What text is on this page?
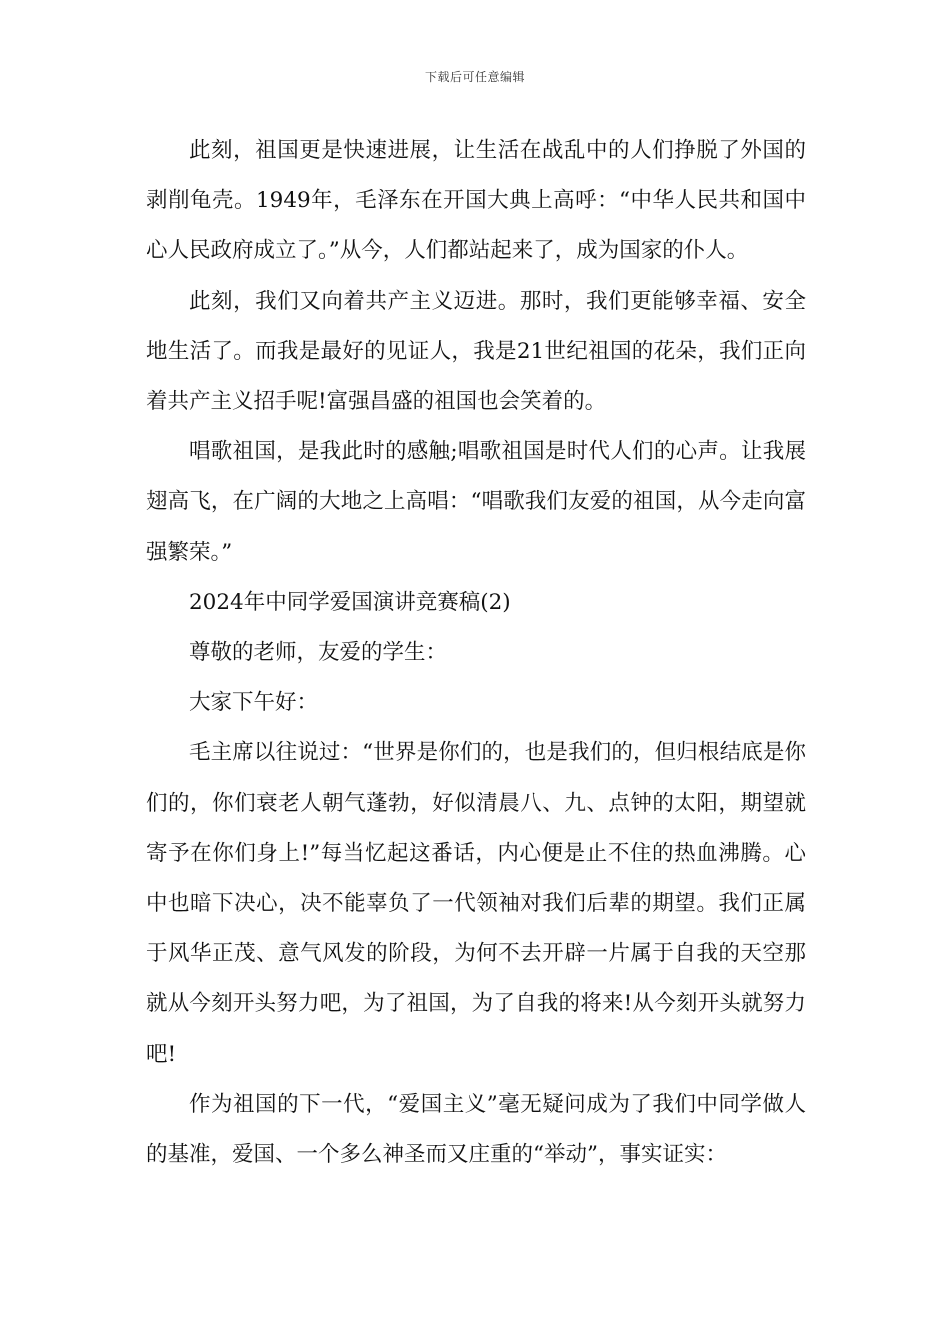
下载后可任意编辑

此刻，祖国更是快速进展，让生活在战乱中的人们挣脱了外国的剥削龟壳。1949年，毛泽东在开国大典上高呼：“中华人民共和国中心人民政府成立了。”从今，人们都站起来了，成为国家的仆人。

此刻，我们又向着共产主义迈进。那时，我们更能够幸福、安全地生活了。而我是最好的见证人，我是21世纪祖国的花朵，我们正向着共产主义招手呢!富强昌盛的祖国也会笑着的。

唱歌祖国，是我此时的感触;唱歌祖国是时代人们的心声。让我展翅高飞，在广阔的大地之上高唱：“唱歌我们友爱的祖国，从今走向富强繁荣。”

2024年中同学爱国演讲竞赛稿(2)

尊敬的老师，友爱的学生：

大家下午好：

毛主席以往说过：“世界是你们的，也是我们的，但归根结底是你们的，你们衰老人朝气蓬勃，好似清晨八、九、点钟的太阳，期望就寄予在你们身上!”每当忆起这番话，内心便是止不住的热血沸腾。心中也暗下决心，决不能辜负了一代领袖对我们后辈的期望。我们正属于风华正茂、意气风发的阶段，为何不去开辟一片属于自我的天空那就从今刻开头努力吧，为了祖国，为了自我的将来!从今刻开头就努力吧!

作为祖国的下一代，“爱国主义”毫无疑问成为了我们中同学做人的基准，爱国、一个多么神圣而又庄重的“举动”，事实证实：
